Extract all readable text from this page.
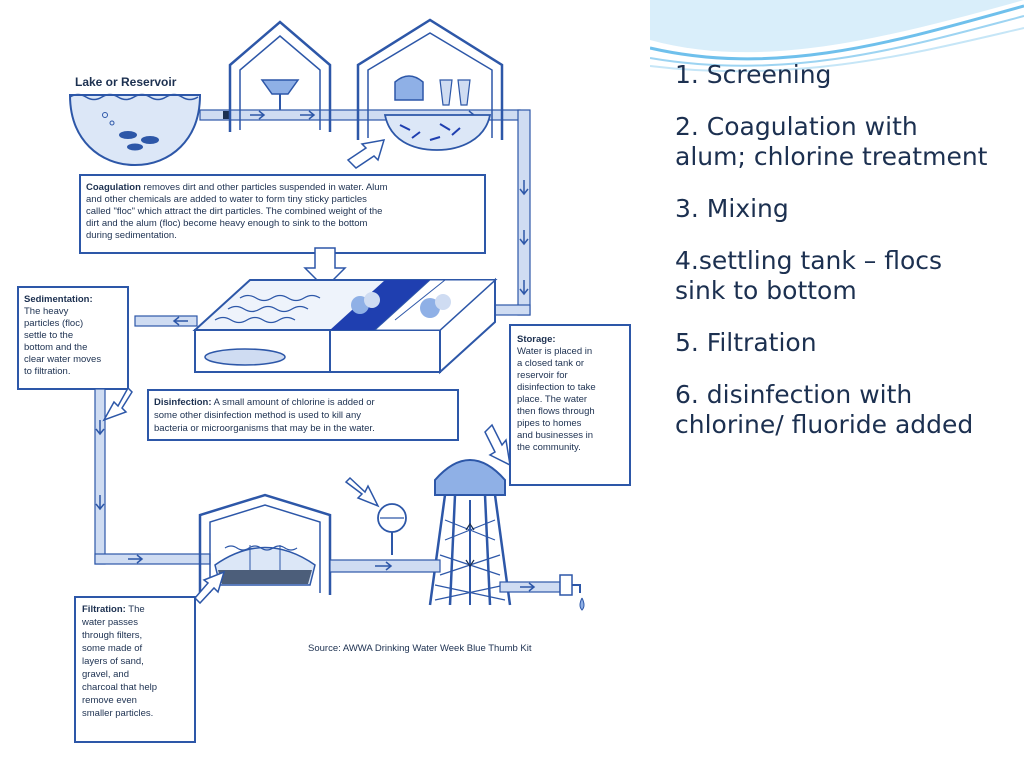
Coagulation removes dirt and other particles suspended in water. Alum
and other chemicals are added to water to form tiny sticky particles
called "floc" which attract the dirt particles. The combined weight of the
dirt and the alum (floc) become heavy enough to sink to the bottom
during sedimentation.
Sedimentation:
The heavy
particles (floc)
settle to the
bottom and the
clear water moves
to filtration.
Disinfection: A small amount of chlorine is added or
some other disinfection method is used to kill any
bacteria or microorganisms that may be in the water.
Storage:
Water is placed in
a closed tank or
reservoir for
disinfection to take
place. The water
then flows through
pipes to homes
and businesses in
the community.
Filtration: The
water passes
through filters,
some made of
layers of sand,
gravel, and
charcoal that help
remove even
smaller particles.
Lake or Reservoir
Source: AWWA Drinking Water Week Blue Thumb Kit
1. Screening
2. Coagulation with
alum; chlorine treatment
3. Mixing
4.settling tank – flocs
sink to bottom
5. Filtration
6. disinfection with
chlorine/ fluoride added
